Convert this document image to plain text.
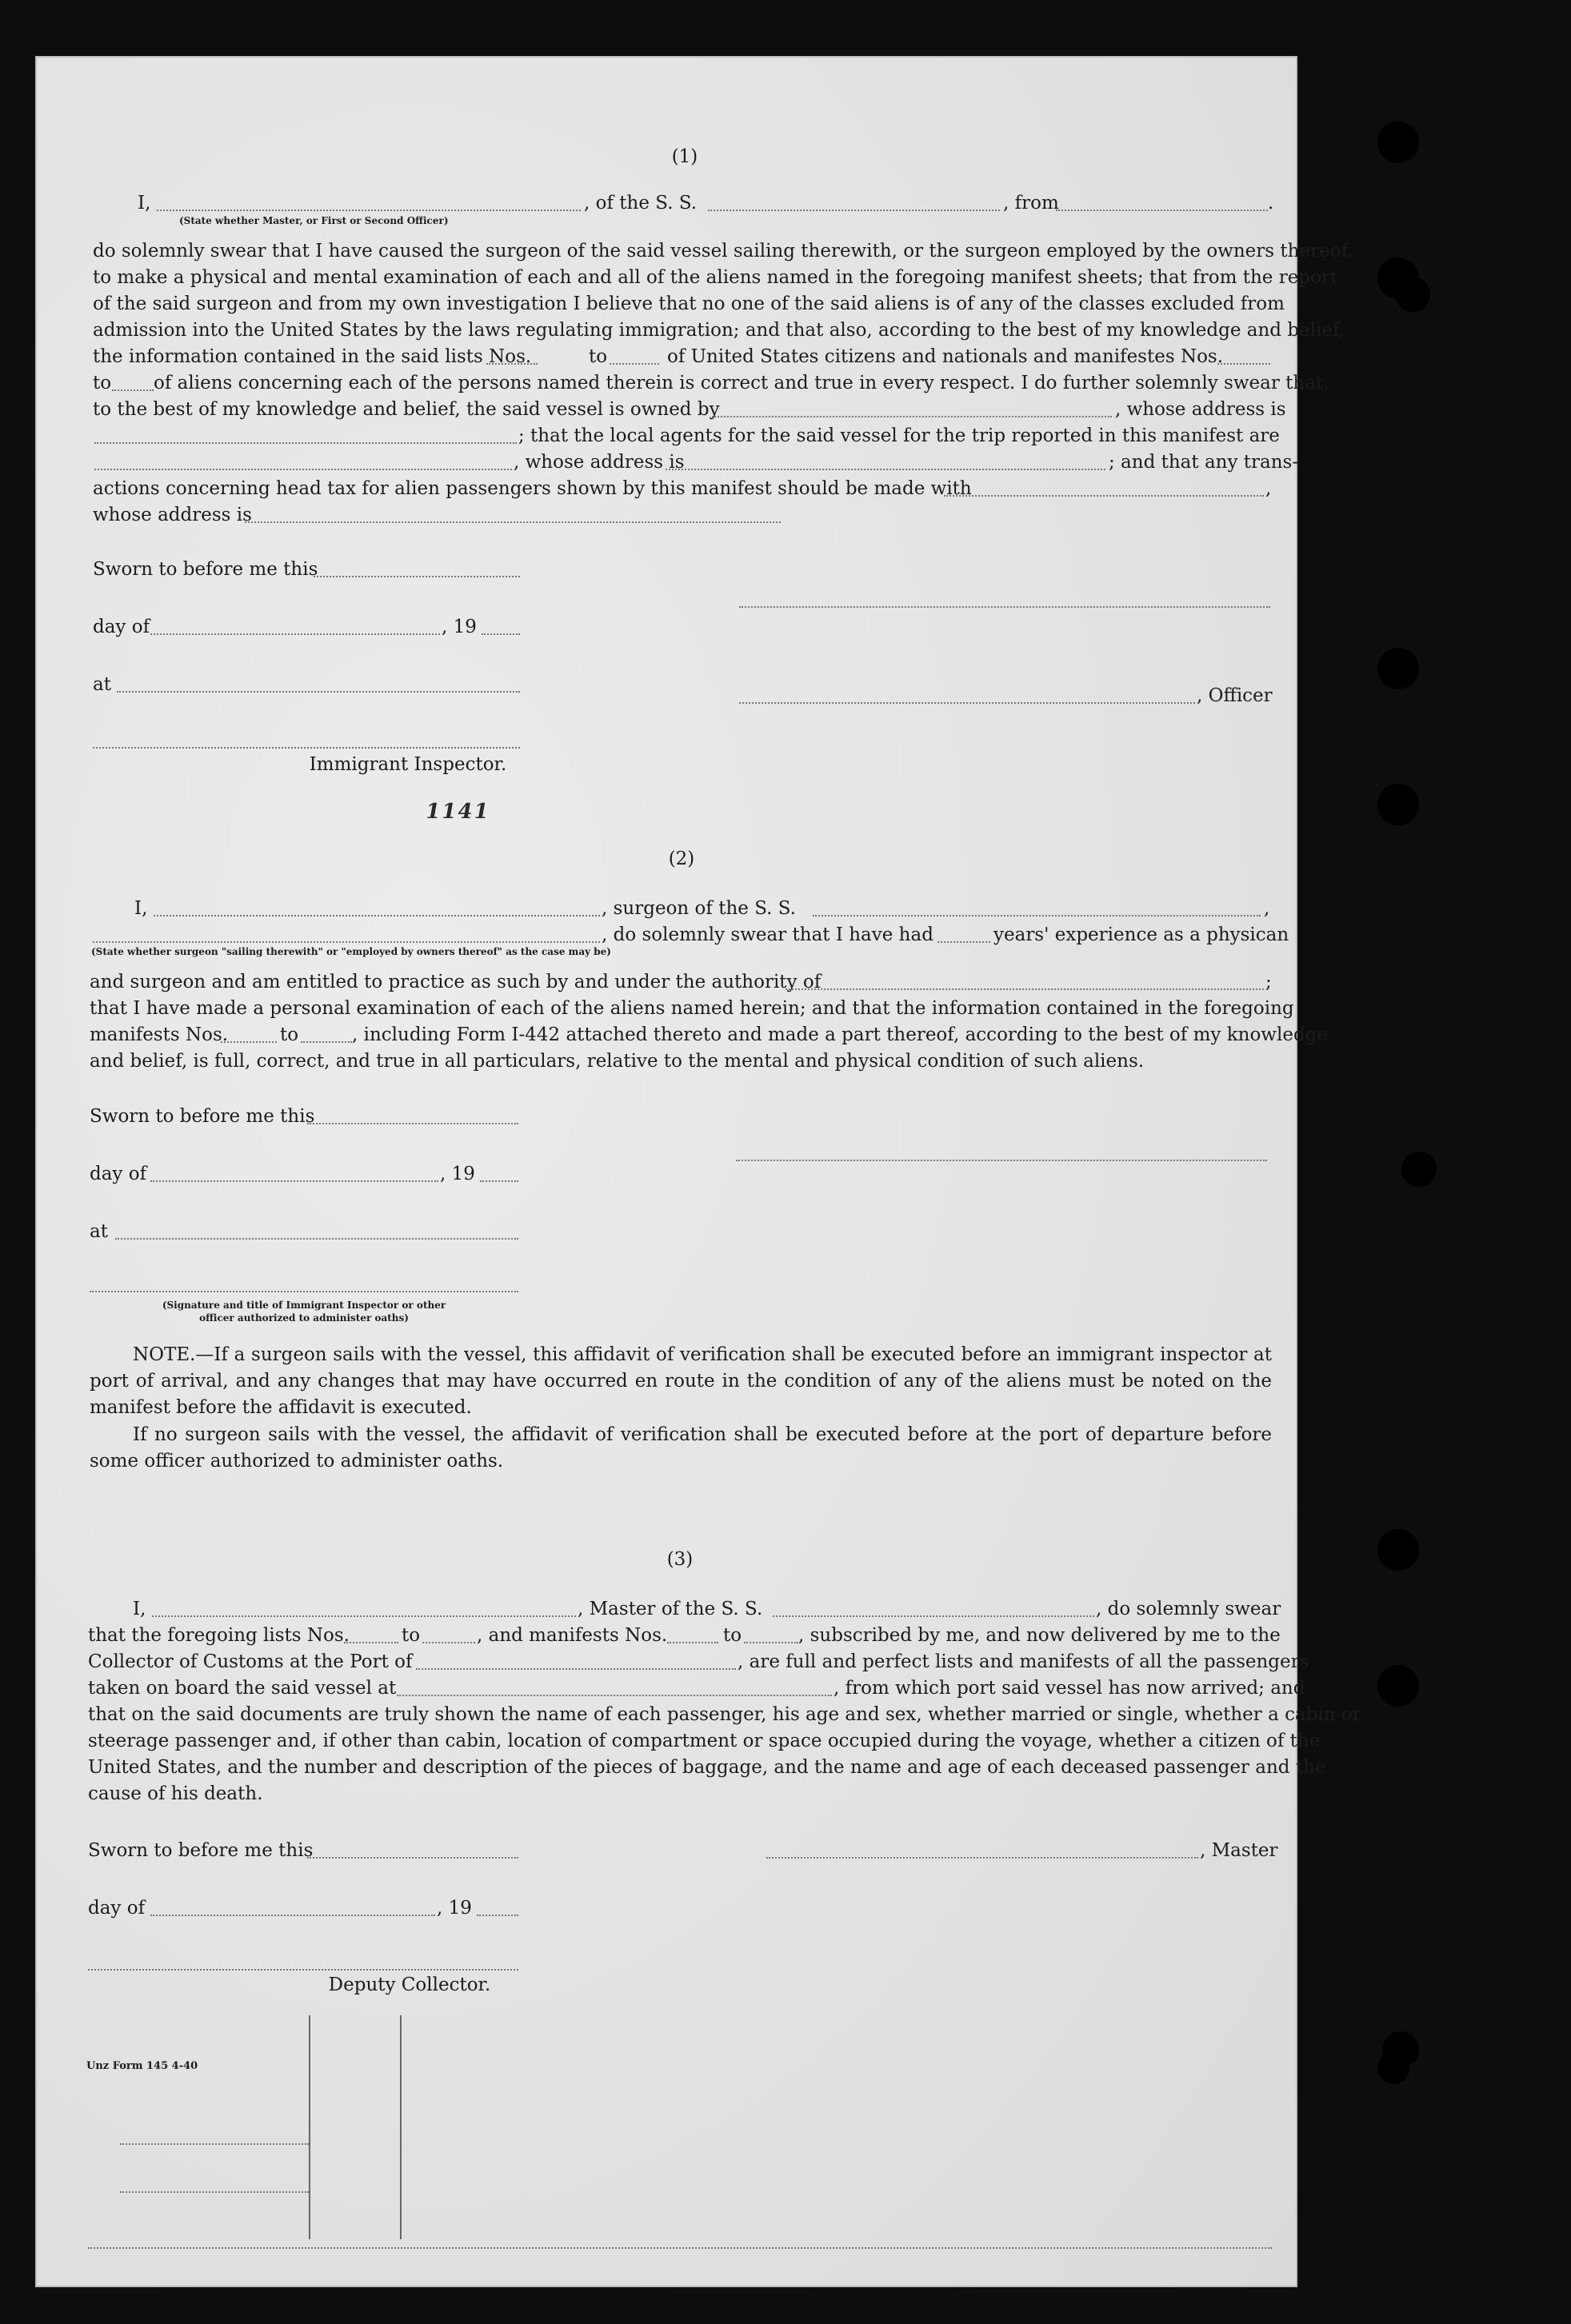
(1)
I,	, of the S. S.	, from	.
(State whether Master, or First or Second Officer)
do solemnly swear that I have caused the surgeon of the said vessel sailing therewith, or the surgeon employed by the owners thereof,
to make a physical and mental examination of each and all of the aliens named in the foregoing manifest sheets; that from the report
of the said surgeon and from my own investigation I believe that no one of the said aliens is of any of the classes excluded from
admission into the United States by the laws regulating immigration; and that also, according to the best of my knowledge and belief,
the information contained in the said lists Nos.	to	of United States citizens and nationals and manifestes Nos.
to of aliens concerning each of the persons named therein is correct and true in every respect. I do further solemnly swear that,
to the best of my knowledge and belief, the said vessel is owned by	, whose address is
; that the local agents for the said vessel for the trip reported in this manifest are
, whose address is	; and that any trans-
actions concerning head tax for alien passengers shown by this manifest should be made with	,
whose address is
Sworn to before me this
day of	, 19
at
, Officer
Immigrant Inspector.
1141
(2)
I,	, surgeon of the S. S.	,
, do solemnly swear that I have had	years' experience as a physican
(State whether surgeon "sailing therewith" or "employed by owners thereof" as the case may be)
and surgeon and am entitled to practice as such by and under the authority of	;
that I have made a personal examination of each of the aliens named herein; and that the information contained in the foregoing
manifests Nos.	to	, including Form I-442 attached thereto and made a part thereof, according to the best of my knowledge
and belief, is full, correct, and true in all particulars, relative to the mental and physical condition of such aliens.
Sworn to before me this
day of	, 19
at
(Signature and title of Immigrant Inspector or other
officer authorized to administer oaths)
NOTE.—If a surgeon sails with the vessel, this affidavit of verification shall be executed before an immigrant inspector at port of arrival, and any changes that may have occurred en route in the condition of any of the aliens must be noted on the manifest before the affidavit is executed.
If no surgeon sails with the vessel, the affidavit of verification shall be executed before at the port of departure before some officer authorized to administer oaths.
(3)
I,	, Master of the S. S.	, do solemnly swear
that the foregoing lists Nos.	to	, and manifests Nos.	to	, subscribed by me, and now delivered by me to the
Collector of Customs at the Port of	, are full and perfect lists and manifests of all the passengers
taken on board the said vessel at	, from which port said vessel has now arrived; and
that on the said documents are truly shown the name of each passenger, his age and sex, whether married or single, whether a cabin or
steerage passenger and, if other than cabin, location of compartment or space occupied during the voyage, whether a citizen of the
United States, and the number and description of the pieces of baggage, and the name and age of each deceased passenger and the
cause of his death.
Sworn to before me this	, Master
day of	, 19
Deputy Collector.
Unz Form 145 4-40
